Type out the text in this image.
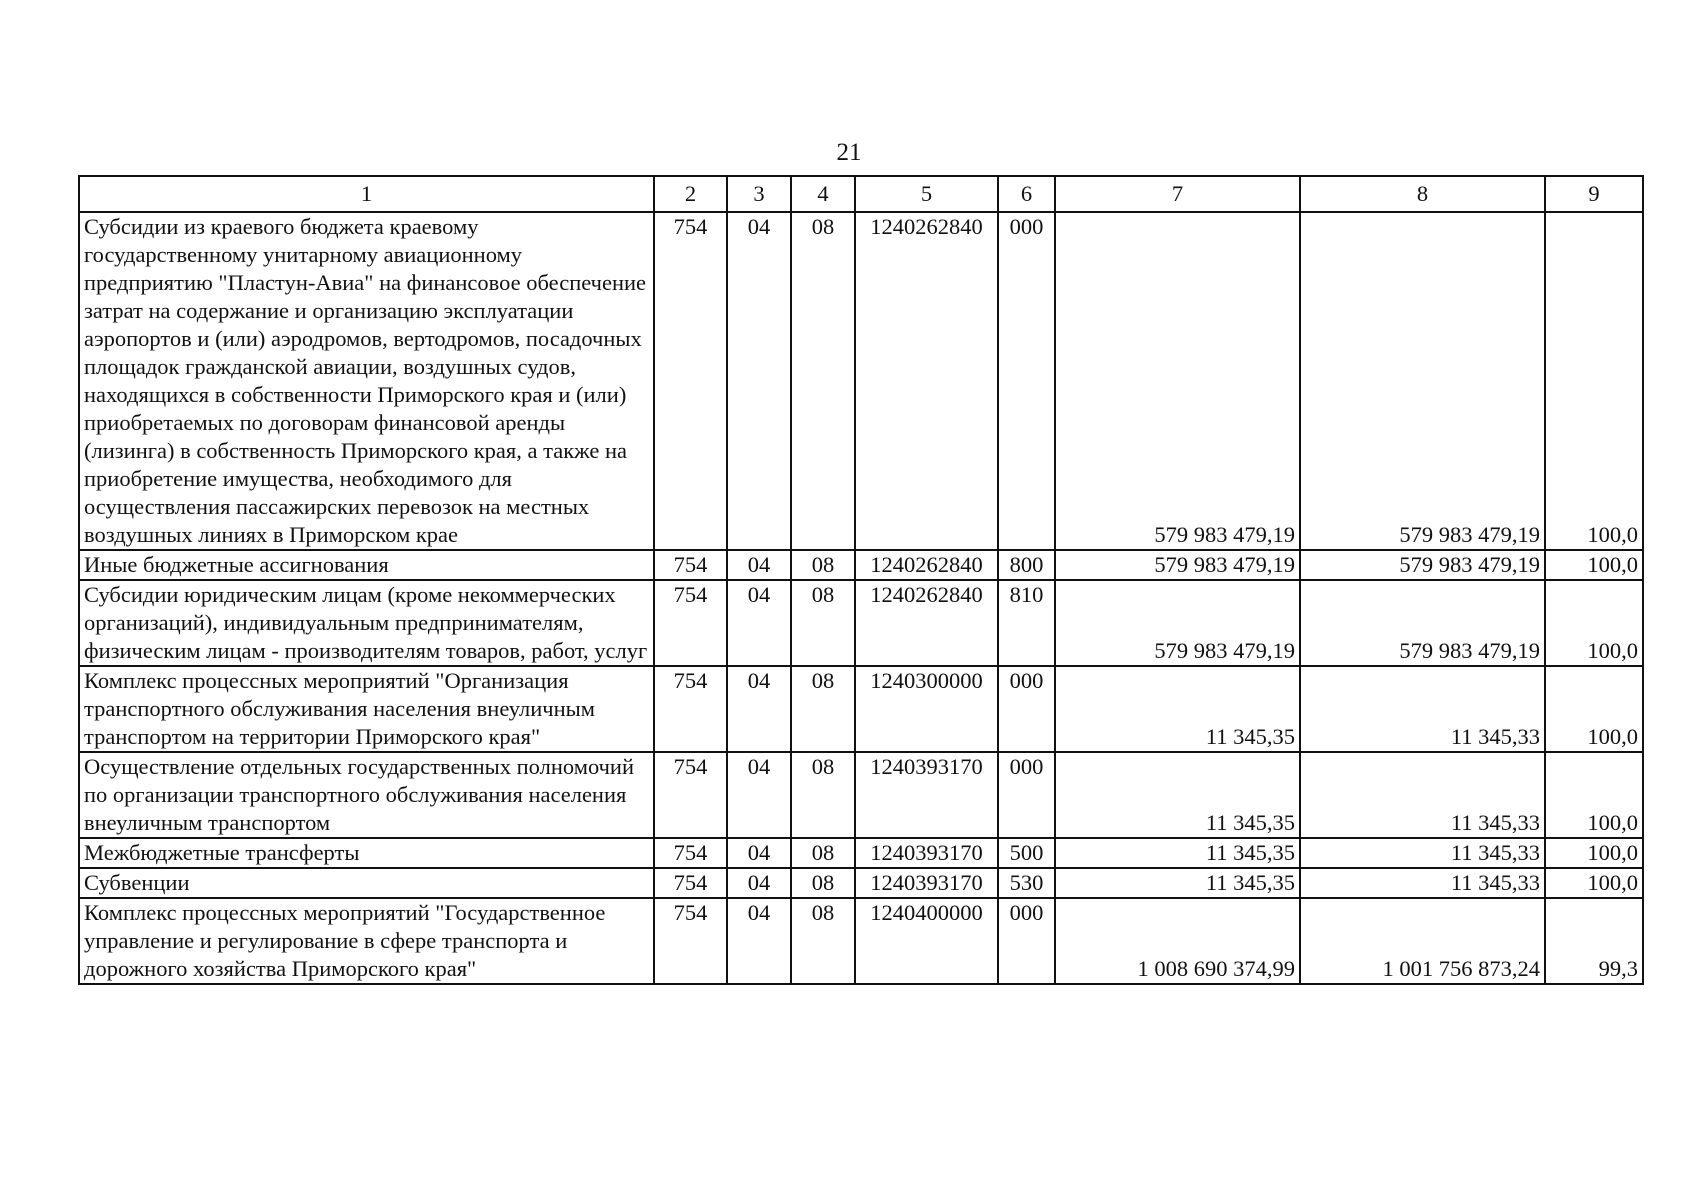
21
1	2	3	4	5	6	7	8	9
Субсидии из краевого бюджета краевому государственному унитарному авиационному предприятию "Пластун-Авиа" на финансовое обеспечение затрат на содержание и организацию эксплуатации аэропортов и (или) аэродромов, вертодромов, посадочных площадок гражданской авиации, воздушных судов, находящихся в собственности Приморского края и (или) приобретаемых по договорам финансовой аренды (лизинга) в собственность Приморского края, а также на приобретение имущества, необходимого для осуществления пассажирских перевозок на местных воздушных линиях в Приморском крае	754	04	08	1240262840	000	579 983 479,19	579 983 479,19	100,0
Иные бюджетные ассигнования	754	04	08	1240262840	800	579 983 479,19	579 983 479,19	100,0
Субсидии юридическим лицам (кроме некоммерческих организаций), индивидуальным предпринимателям, физическим лицам - производителям товаров, работ, услуг	754	04	08	1240262840	810	579 983 479,19	579 983 479,19	100,0
Комплекс процессных мероприятий "Организация транспортного обслуживания населения внеуличным транспортом на территории Приморского края"	754	04	08	1240300000	000	11 345,35	11 345,33	100,0
Осуществление отдельных государственных полномочий по организации транспортного обслуживания населения внеуличным транспортом	754	04	08	1240393170	000	11 345,35	11 345,33	100,0
Межбюджетные трансферты	754	04	08	1240393170	500	11 345,35	11 345,33	100,0
Субвенции	754	04	08	1240393170	530	11 345,35	11 345,33	100,0
Комплекс процессных мероприятий "Государственное управление и регулирование в сфере транспорта и дорожного хозяйства Приморского края"	754	04	08	1240400000	000	1 008 690 374,99	1 001 756 873,24	99,3
